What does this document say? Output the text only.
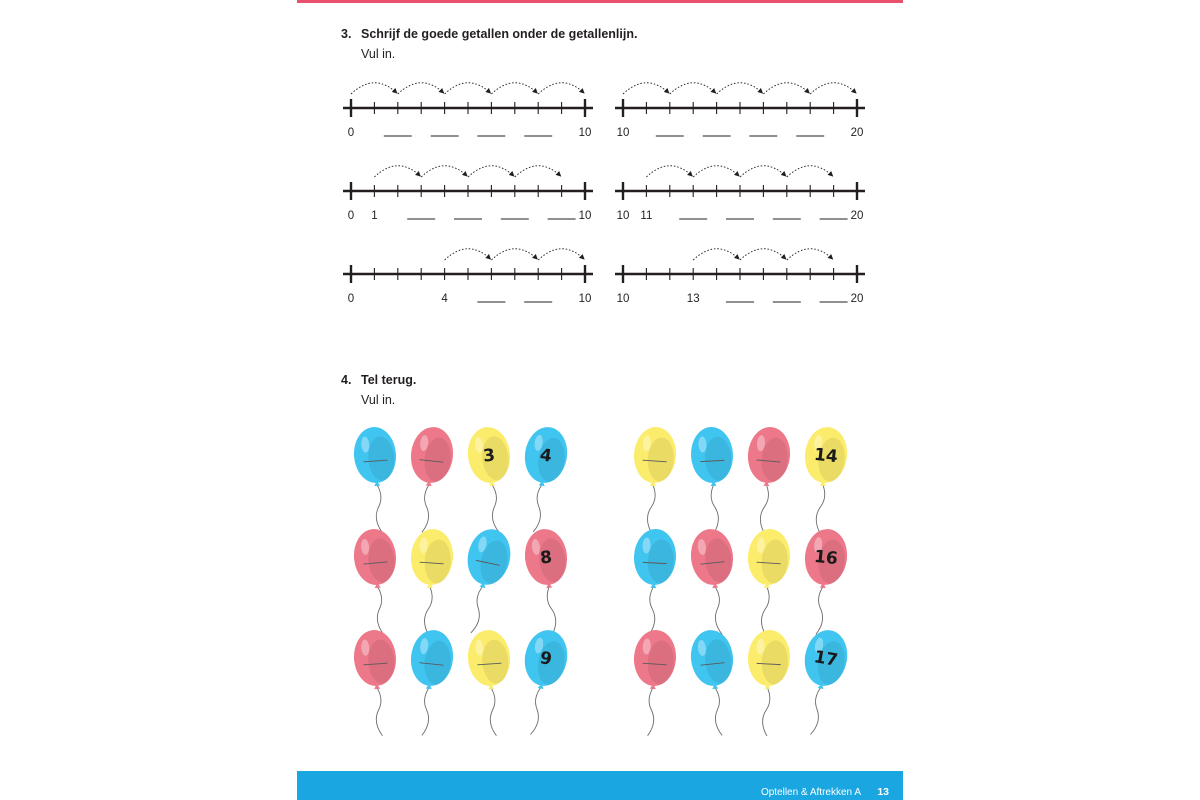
3. Schrijf de goede getallen onder de getallenlijn.
Vul in.
0	10 10	20
0	10
1	10	20
11
0	10
4	10	20
13
4. Tel terug.
Vul in.
3	4	14
8	16
9	17
Optellen & Aftrekken A 13
